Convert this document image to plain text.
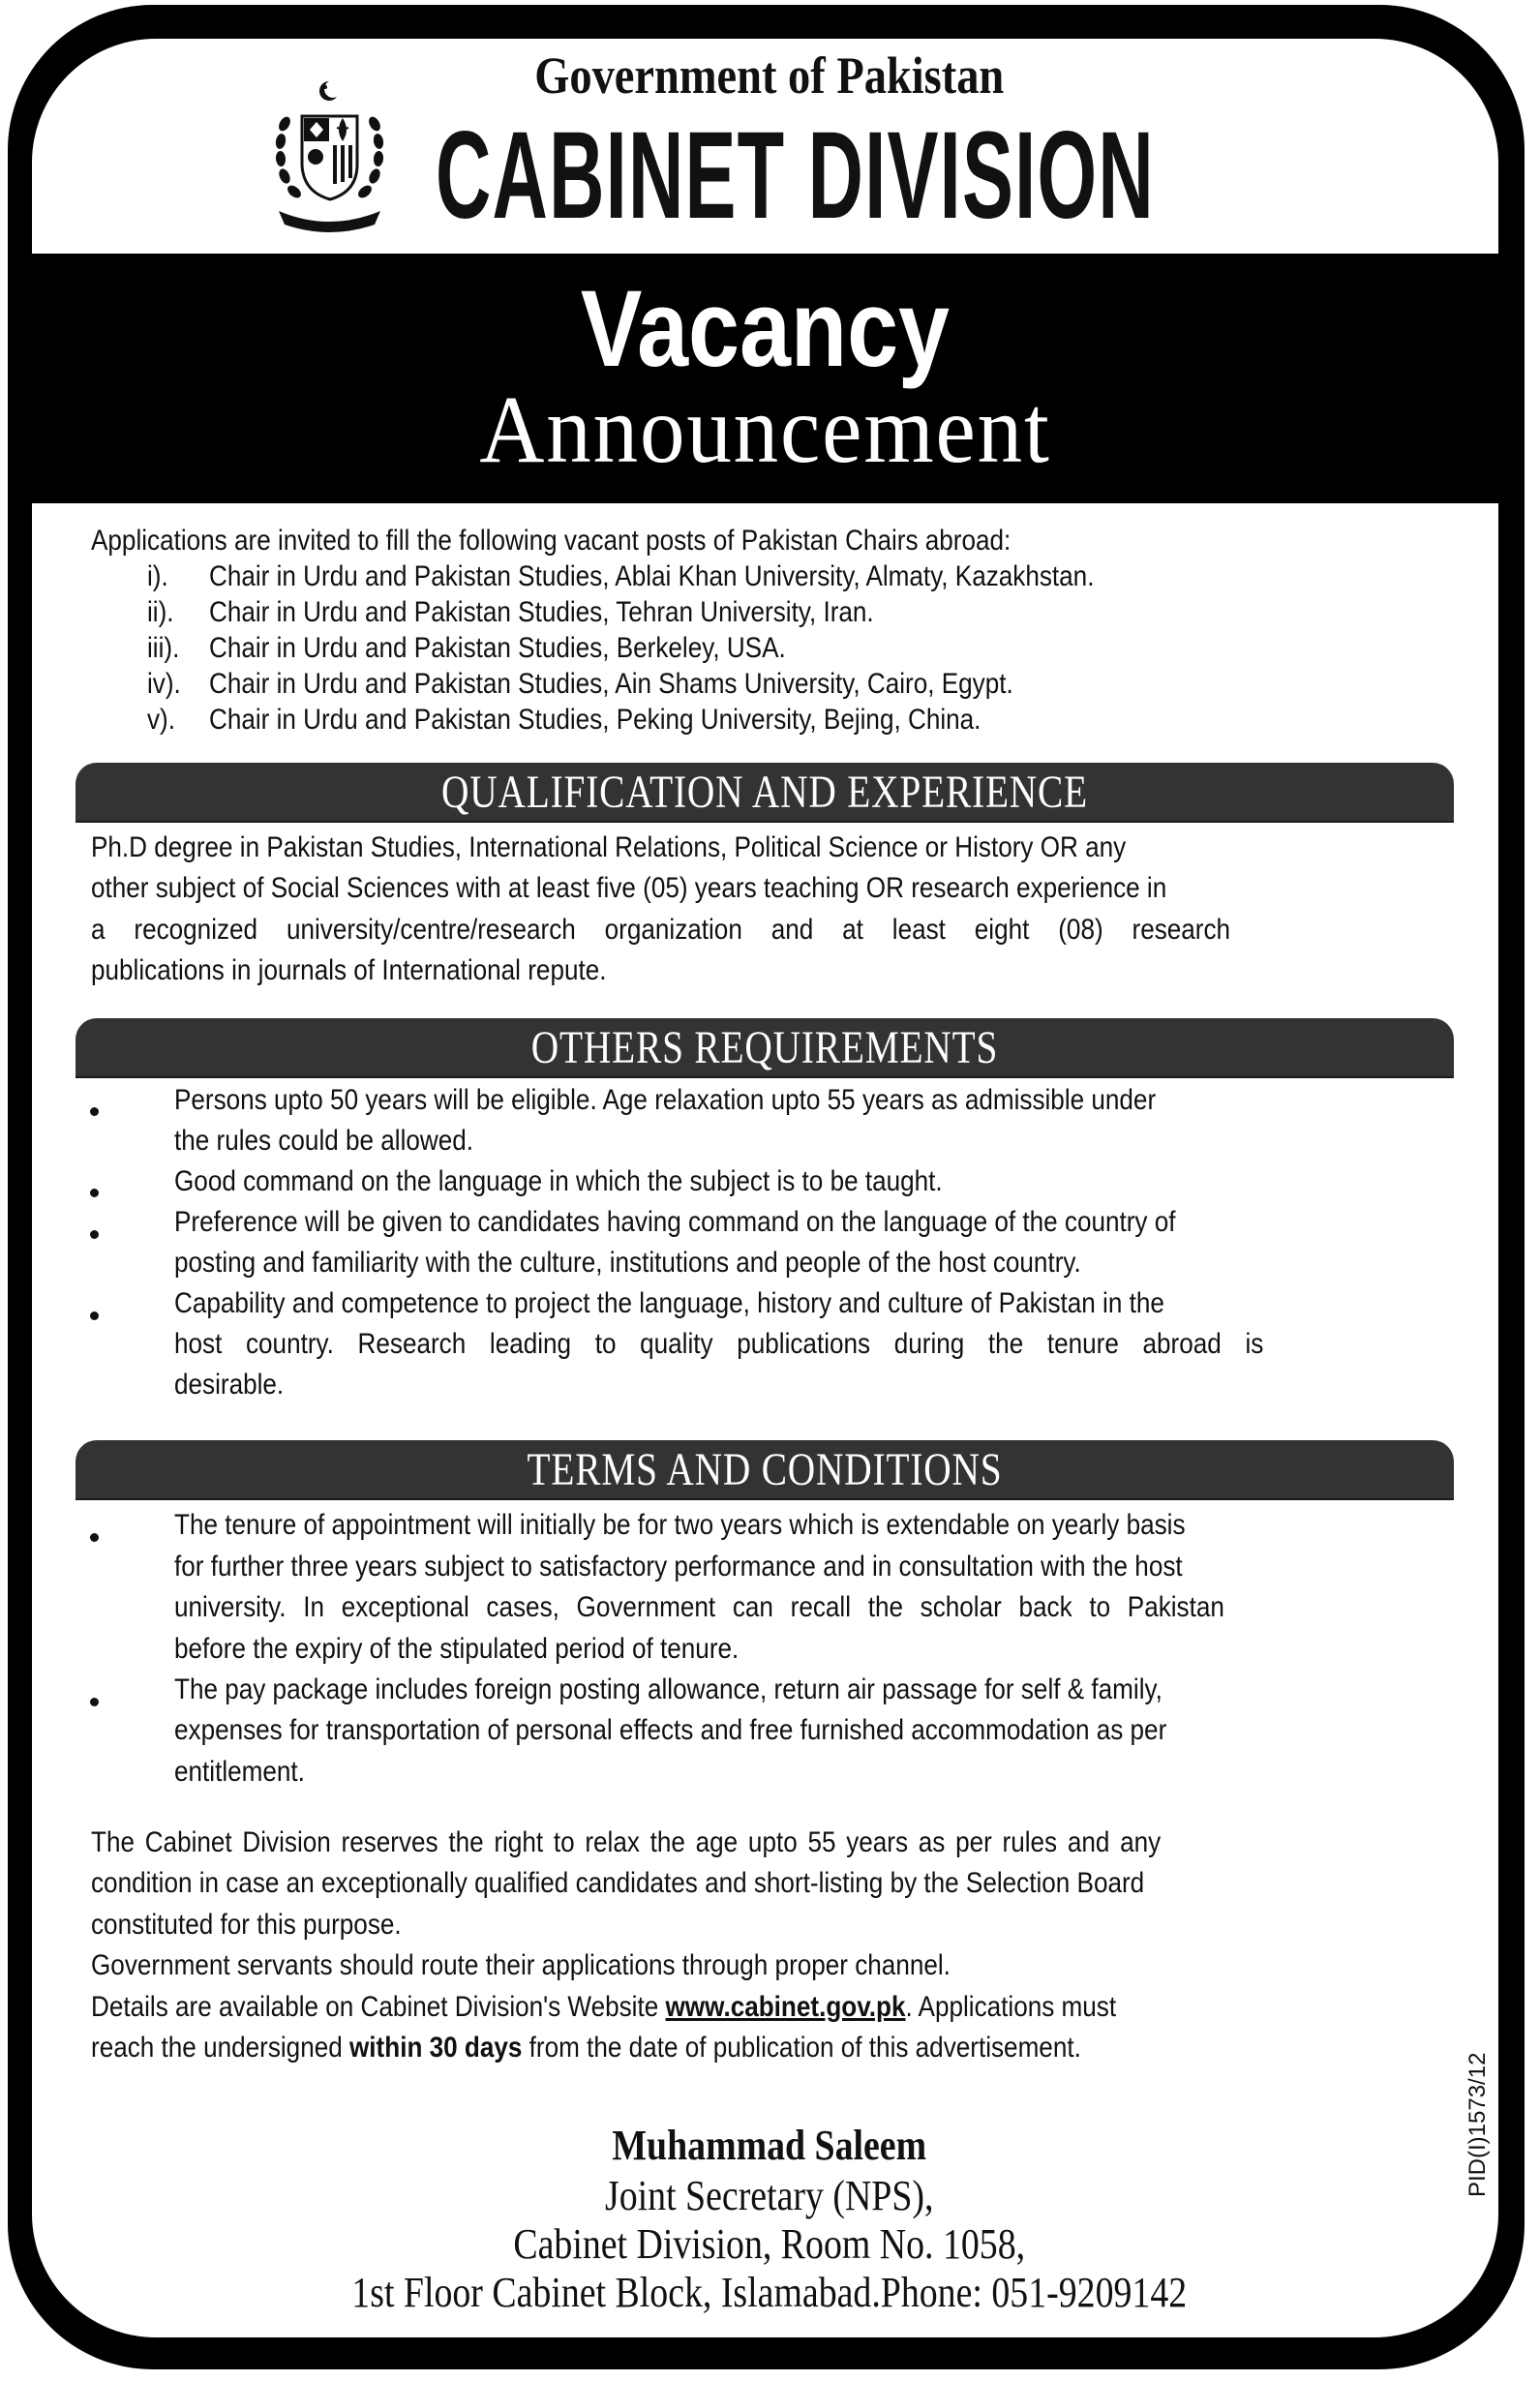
Government of Pakistan
CABINET DIVISION
Vacancy
Announcement
Applications are invited to fill the following vacant posts of Pakistan Chairs abroad:
i). Chair in Urdu and Pakistan Studies, Ablai Khan University, Almaty, Kazakhstan.
ii). Chair in Urdu and Pakistan Studies, Tehran University, Iran.
iii). Chair in Urdu and Pakistan Studies, Berkeley, USA.
iv). Chair in Urdu and Pakistan Studies, Ain Shams University, Cairo, Egypt.
v). Chair in Urdu and Pakistan Studies, Peking University, Bejing, China.
QUALIFICATION AND EXPERIENCE
Ph.D degree in Pakistan Studies, International Relations, Political Science or History OR any
other subject of Social Sciences with at least five (05) years teaching OR research experience in
a recognized university/centre/research organization and at least eight (08) research
publications in journals of International repute.
OTHERS REQUIREMENTS
Persons upto 50 years will be eligible. Age relaxation upto 55 years as admissible under
the rules could be allowed.
Good command on the language in which the subject is to be taught.
Preference will be given to candidates having command on the language of the country of
posting and familiarity with the culture, institutions and people of the host country.
Capability and competence to project the language, history and culture of Pakistan in the
host country. Research leading to quality publications during the tenure abroad is
desirable.
TERMS AND CONDITIONS
The tenure of appointment will initially be for two years which is extendable on yearly basis
for further three years subject to satisfactory performance and in consultation with the host
university. In exceptional cases, Government can recall the scholar back to Pakistan
before the expiry of the stipulated period of tenure.
The pay package includes foreign posting allowance, return air passage for self & family,
expenses for transportation of personal effects and free furnished accommodation as per
entitlement.
The Cabinet Division reserves the right to relax the age upto 55 years as per rules and any
condition in case an exceptionally qualified candidates and short-listing by the Selection Board
constituted for this purpose.
Government servants should route their applications through proper channel.
Details are available on Cabinet Division's Website www.cabinet.gov.pk. Applications must
reach the undersigned within 30 days from the date of publication of this advertisement.
Muhammad Saleem
Joint Secretary (NPS),
Cabinet Division, Room No. 1058,
1st Floor Cabinet Block, Islamabad.Phone: 051-9209142
PID(I)1573/12
